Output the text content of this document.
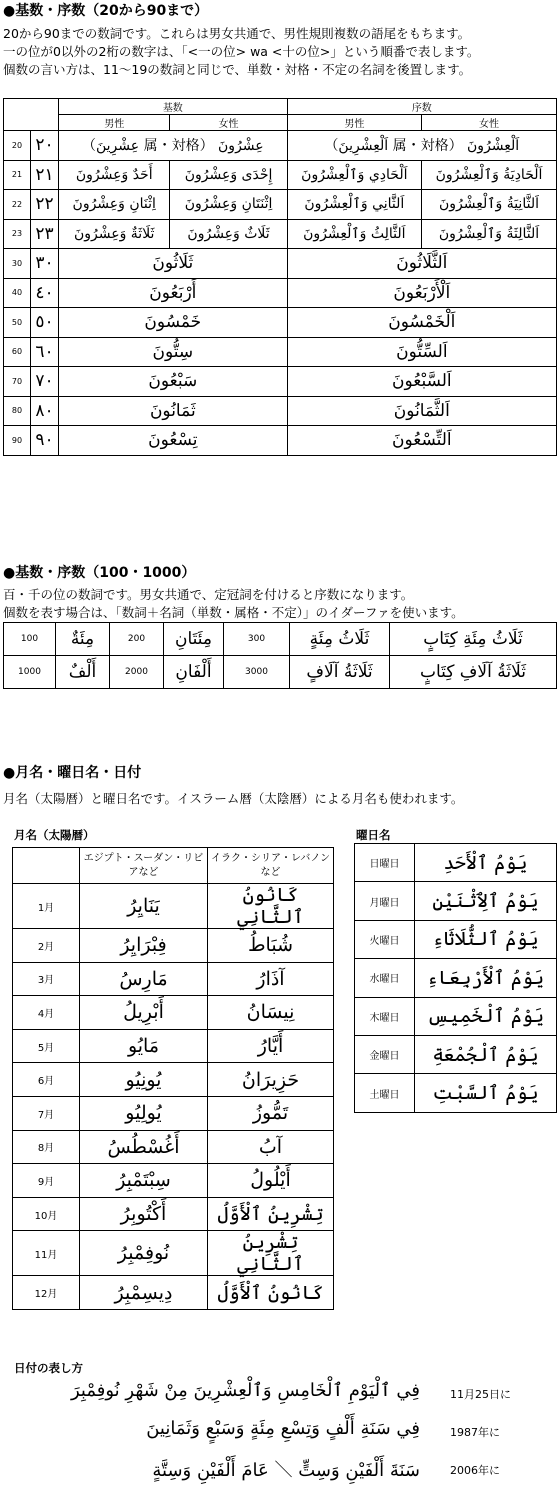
●基数・序数（20から90まで）
20から90までの数詞です。これらは男女共通で、男性規則複数の語尾をもちます。
一の位が0以外の2桁の数字は、「<一の位> wa <十の位>」という順番で表します。
個数の言い方は、11～19の数詞と同じで、単数・対格・不定の名詞を後置します。
		基数		序数	
		男性	女性	男性	女性
20	٢٠	عِشْرُونَ （属・対格 عِشْرِينَ）		اَلْعِشْرُونَ （属・対格 اَلْعِشْرِينَ）	
21	٢١	أَحَدٌ وَعِشْرُونَ	إِحْدَى وَعِشْرُونَ	اَلْحَادِي وَٱلْعِشْرُونَ	اَلْحَادِيَةُ وَٱلْعِشْرُونَ
22	٢٢	اِثْنَانِ وَعِشْرُونَ	اِثْنَتَانِ وَعِشْرُونَ	اَلثَّانِي وَٱلْعِشْرُونَ	اَلثَّانِيَةُ وَٱلْعِشْرُونَ
23	٢٣	ثَلَاثَةٌ وَعِشْرُونَ	ثَلَاثٌ وَعِشْرُونَ	اَلثَّالِثُ وَٱلْعِشْرُونَ	اَلثَّالِثَةُ وَٱلْعِشْرُونَ
30	٣٠	ثَلَاثُونَ		اَلثَّلَاثُونَ	
40	٤٠	أَرْبَعُونَ		اَلْأَرْبَعُونَ	
50	٥٠	خَمْسُونَ		اَلْخَمْسُونَ	
60	٦٠	سِتُّونَ		اَلسِّتُّونَ	
70	٧٠	سَبْعُونَ		اَلسَّبْعُونَ	
80	٨٠	ثَمَانُونَ		اَلثَّمَانُونَ	
90	٩٠	تِسْعُونَ		اَلتِّسْعُونَ	
●基数・序数（100・1000）
百・千の位の数詞です。男女共通で、定冠詞を付けると序数になります。
個数を表す場合は、「数詞＋名詞（単数・属格・不定）」のイダーファを使います。
100	مِئَةٌ	200	مِئَتَانِ	300	ثَلَاثُ مِئَةٍ	ثَلَاثُ مِئَةِ كِتَابٍ
1000	أَلْفٌ	2000	أَلْفَانِ	3000	ثَلَاثَةُ آلَافٍ	ثَلَاثَةُ آلَافِ كِتَابٍ
●月名・曜日名・日付
月名（太陽暦）と曜日名です。イスラーム暦（太陰暦）による月名も使われます。
月名（太陽暦）	曜日名
	エジプト・スーダン・リビアなど	イラク・シリア・レバノンなど
1月	يَنَايِرُ	كَانُونُ ٱلثَّانِي
2月	فِبْرَايِرُ	شُبَاطُ
3月	مَارِسُ	آذَارُ
4月	أَبْرِيلُ	نِيسَانُ
5月	مَايُو	أَيَّارُ
6月	يُونِيُو	حَزِيرَانُ
7月	يُولِيُو	تَمُّوزُ
8月	أَغُسْطُسُ	آبُ
9月	سِبْتَمْبِرُ	أَيْلُولُ
10月	أَكْتُوبِرُ	تِشْرِينُ ٱلْأَوَّلُ
11月	نُوفِمْبِرُ	تِشْرِينُ ٱلثَّانِي
12月	دِيسِمْبِرُ	كَانُونُ ٱلْأَوَّلُ
日曜日	يَوْمُ ٱلْأَحَدِ
月曜日	يَوْمُ ٱلِٱثْنَيْنِ
火曜日	يَوْمُ ٱلثُّلَاثَاءِ
水曜日	يَوْمُ ٱلْأَرْبِعَاءِ
木曜日	يَوْمُ ٱلْخَمِيسِ
金曜日	يَوْمُ ٱلْجُمْعَةِ
土曜日	يَوْمُ ٱلسَّبْتِ
日付の表し方
فِي ٱلْيَوْمِ ٱلْخَامِسِ وَٱلْعِشْرِينَ مِنْ شَهْرِ نُوفِمْبِرَ	11月25日に
فِي سَنَةِ أَلْفٍ وَتِسْعِ مِئَةٍ وَسَبْعٍ وَثَمَانِينَ	1987年に
سَنَةَ أَلْفَيْنِ وَسِتٍّ ＼ عَامَ أَلْفَيْنِ وَسِتَّةٍ	2006年に
